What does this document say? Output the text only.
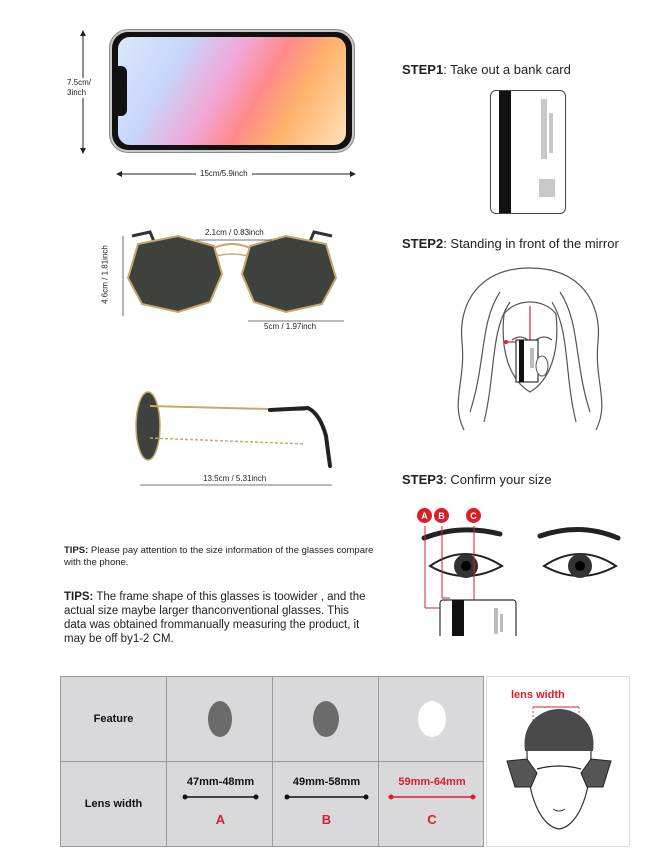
7.5cm/
3inch
15cm/5.9inch
2.1cm / 0.83inch
4.6cm / 1.81inch
5cm / 1.97inch
13.5cm / 5.31inch
TIPS: Please pay attention to the size information of the glasses compare with the phone.
TIPS: The frame shape of this glasses is toowider , and the actual size maybe larger thanconventional glasses. This data was obtained frommanually measuring the product, it may be off by1-2 CM.
STEP1: Take out a bank card
STEP2: Standing in front of the mirror
STEP3: Confirm your size
A	B	C
Feature
Lens width
47mm-48mm
A
49mm-58mm
B
59mm-64mm
C
lens width
